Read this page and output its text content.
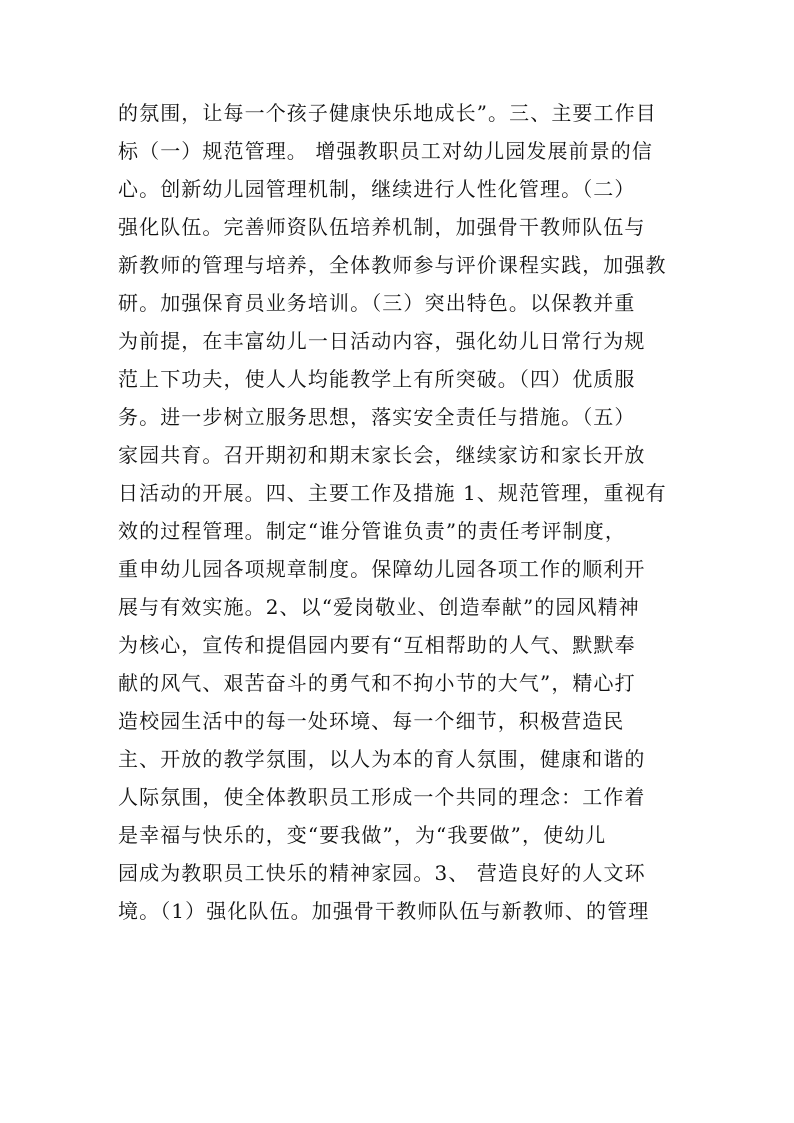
的氛围，让每一个孩子健康快乐地成长”。三、主要工作目
标（一）规范管理。 增强教职员工对幼儿园发展前景的信
心。创新幼儿园管理机制，继续进行人性化管理。（二）
强化队伍。完善师资队伍培养机制，加强骨干教师队伍与
新教师的管理与培养，全体教师参与评价课程实践，加强教
研。加强保育员业务培训。（三）突出特色。以保教并重
为前提，在丰富幼儿一日活动内容，强化幼儿日常行为规
范上下功夫，使人人均能教学上有所突破。（四）优质服
务。进一步树立服务思想，落实安全责任与措施。（五）
家园共育。召开期初和期末家长会，继续家访和家长开放
日活动的开展。四、主要工作及措施 1、规范管理，重视有
效的过程管理。制定“谁分管谁负责”的责任考评制度，
重申幼儿园各项规章制度。保障幼儿园各项工作的顺利开
展与有效实施。2、以“爱岗敬业、创造奉献”的园风精神
为核心，宣传和提倡园内要有“互相帮助的人气、默默奉
献的风气、艰苦奋斗的勇气和不拘小节的大气”，精心打
造校园生活中的每一处环境、每一个细节，积极营造民
主、开放的教学氛围，以人为本的育人氛围，健康和谐的
人际氛围，使全体教职员工形成一个共同的理念：工作着
是幸福与快乐的，变“要我做”，为“我要做”，使幼儿
园成为教职员工快乐的精神家园。3、 营造良好的人文环
境。（1）强化队伍。加强骨干教师队伍与新教师、的管理
